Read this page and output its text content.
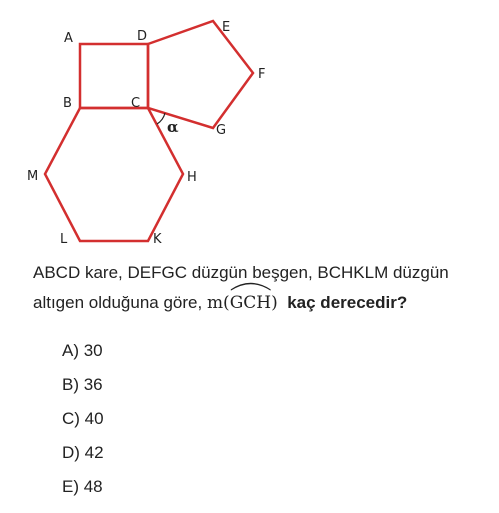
A	D
E
F
B	C
G
α
M	H
L	K
ABCD kare, DEFGC düzgün beşgen, BCHKLM düzgün altıgen olduğuna göre, m(
GCH) kaç derecedir?
A) 30
B) 36
C) 40
D) 42
E) 48
